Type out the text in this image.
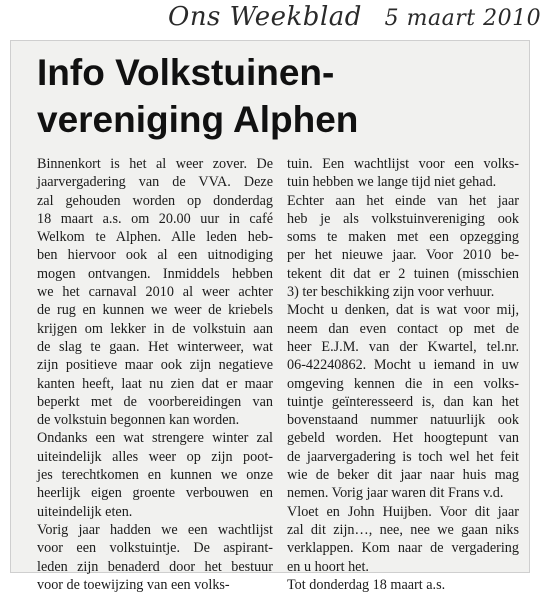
Ons Weekblad 5 maart 2010
Info Volkstuinen-
vereniging Alphen
Binnenkort is het al weer zover. De
jaarvergadering van de VVA. Deze
zal gehouden worden op donderdag
18 maart a.s. om 20.00 uur in café
Welkom te Alphen. Alle leden heb-
ben hiervoor ook al een uitnodiging
mogen ontvangen. Inmiddels hebben
we het carnaval 2010 al weer achter
de rug en kunnen we weer de kriebels
krijgen om lekker in de volkstuin aan
de slag te gaan. Het winterweer, wat
zijn positieve maar ook zijn negatieve
kanten heeft, laat nu zien dat er maar
beperkt met de voorbereidingen van
de volkstuin begonnen kan worden.
Ondanks een wat strengere winter zal
uiteindelijk alles weer op zijn poot-
jes terechtkomen en kunnen we onze
heerlijk eigen groente verbouwen en
uiteindelijk eten.
Vorig jaar hadden we een wachtlijst
voor een volkstuintje. De aspirant-
leden zijn benaderd door het bestuur
voor de toewijzing van een volks-
tuin. Een wachtlijst voor een volks-
tuin hebben we lange tijd niet gehad.
Echter aan het einde van het jaar
heb je als volkstuinvereniging ook
soms te maken met een opzegging
per het nieuwe jaar. Voor 2010 be-
tekent dit dat er 2 tuinen (misschien
3) ter beschikking zijn voor verhuur.
Mocht u denken, dat is wat voor mij,
neem dan even contact op met de
heer E.J.M. van der Kwartel, tel.nr.
06-42240862. Mocht u iemand in uw
omgeving kennen die in een volks-
tuintje geïnteresseerd is, dan kan het
bovenstaand nummer natuurlijk ook
gebeld worden. Het hoogtepunt van
de jaarvergadering is toch wel het feit
wie de beker dit jaar naar huis mag
nemen. Vorig jaar waren dit Frans v.d.
Vloet en John Huijben. Voor dit jaar
zal dit zijn…, nee, nee we gaan niks
verklappen. Kom naar de vergadering
en u hoort het.
Tot donderdag 18 maart a.s.
